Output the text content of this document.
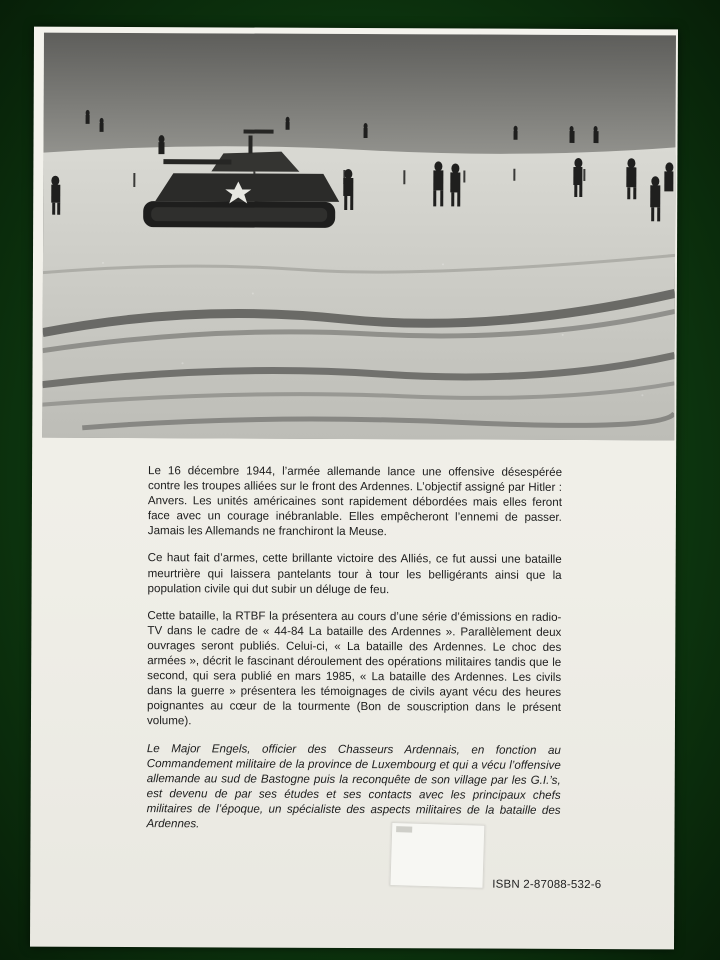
Le 16 décembre 1944, l’armée allemande lance une offensive désespérée contre les troupes alliées sur le front des Ardennes. L’objectif assigné par Hitler : Anvers. Les unités américaines sont rapidement débordées mais elles feront face avec un courage inébranlable. Elles empêcheront l’ennemi de passer. Jamais les Allemands ne franchiront la Meuse.

Ce haut fait d’armes, cette brillante victoire des Alliés, ce fut aussi une bataille meurtrière qui laissera pantelants tour à tour les belligérants ainsi que la population civile qui dut subir un déluge de feu.

Cette bataille, la RTBF la présentera au cours d’une série d’émissions en radio-TV dans le cadre de « 44-84 La bataille des Ardennes ». Parallèlement deux ouvrages seront publiés. Celui-ci, « La bataille des Ardennes. Le choc des armées », décrit le fascinant déroulement des opérations militaires tandis que le second, qui sera publié en mars 1985, « La bataille des Ardennes. Les civils dans la guerre » présentera les témoignages de civils ayant vécu des heures poignantes au cœur de la tourmente (Bon de souscription dans le présent volume).

Le Major Engels, officier des Chasseurs Ardennais, en fonction au Commandement militaire de la province de Luxembourg et qui a vécu l’offensive allemande au sud de Bastogne puis la reconquête de son village par les G.I.’s, est devenu de par ses études et ses contacts avec les principaux chefs militaires de l’époque, un spécialiste des aspects militaires de la bataille des Ardennes.

ISBN 2-87088-532-6
